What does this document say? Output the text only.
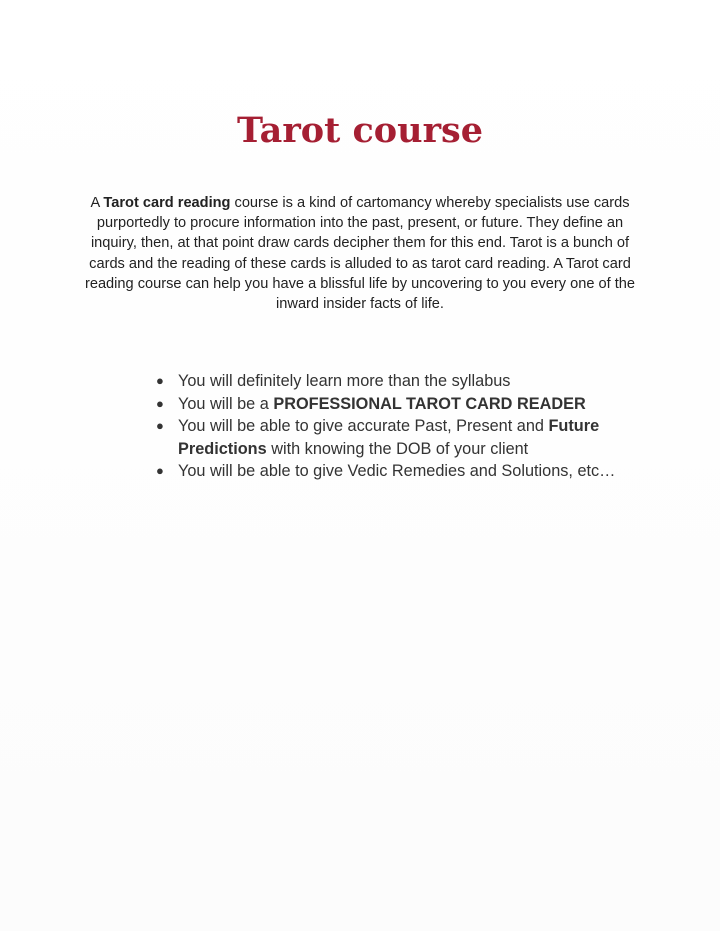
Tarot course

A Tarot card reading course is a kind of cartomancy whereby specialists use cards purportedly to procure information into the past, present, or future. They define an inquiry, then, at that point draw cards decipher them for this end. Tarot is a bunch of cards and the reading of these cards is alluded to as tarot card reading. A Tarot card reading course can help you have a blissful life by uncovering to you every one of the inward insider facts of life.

● You will definitely learn more than the syllabus
● You will be a PROFESSIONAL TAROT CARD READER
● You will be able to give accurate Past, Present and Future Predictions with knowing the DOB of your client
● You will be able to give Vedic Remedies and Solutions, etc…
